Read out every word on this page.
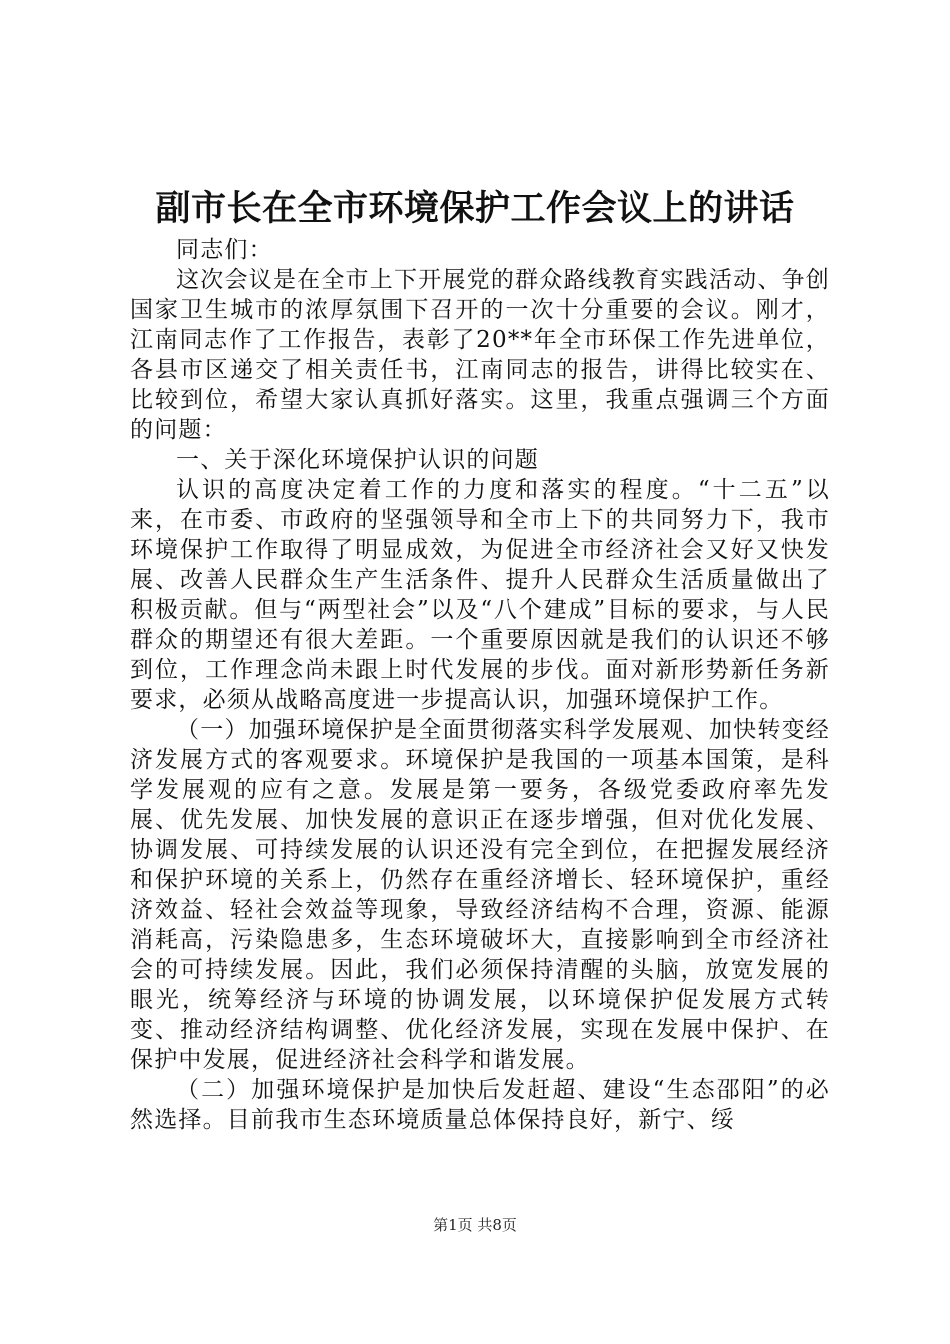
副市长在全市环境保护工作会议上的讲话

同志们：

这次会议是在全市上下开展党的群众路线教育实践活动、争创国家卫生城市的浓厚氛围下召开的一次十分重要的会议。刚才，江南同志作了工作报告，表彰了20**年全市环保工作先进单位，各县市区递交了相关责任书，江南同志的报告，讲得比较实在、比较到位，希望大家认真抓好落实。这里，我重点强调三个方面的问题：

一、关于深化环境保护认识的问题

认识的高度决定着工作的力度和落实的程度。“十二五”以来，在市委、市政府的坚强领导和全市上下的共同努力下，我市环境保护工作取得了明显成效，为促进全市经济社会又好又快发展、改善人民群众生产生活条件、提升人民群众生活质量做出了积极贡献。但与“两型社会”以及“八个建成”目标的要求，与人民群众的期望还有很大差距。一个重要原因就是我们的认识还不够到位，工作理念尚未跟上时代发展的步伐。面对新形势新任务新要求，必须从战略高度进一步提高认识，加强环境保护工作。

（一）加强环境保护是全面贯彻落实科学发展观、加快转变经济发展方式的客观要求。环境保护是我国的一项基本国策，是科学发展观的应有之意。发展是第一要务，各级党委政府率先发展、优先发展、加快发展的意识正在逐步增强，但对优化发展、协调发展、可持续发展的认识还没有完全到位，在把握发展经济和保护环境的关系上，仍然存在重经济增长、轻环境保护，重经济效益、轻社会效益等现象，导致经济结构不合理，资源、能源消耗高，污染隐患多，生态环境破坏大，直接影响到全市经济社会的可持续发展。因此，我们必须保持清醒的头脑，放宽发展的眼光，统筹经济与环境的协调发展，以环境保护促发展方式转变、推动经济结构调整、优化经济发展，实现在发展中保护、在保护中发展，促进经济社会科学和谐发展。

（二）加强环境保护是加快后发赶超、建设“生态邵阳”的必然选择。目前我市生态环境质量总体保持良好，新宁、绥

第1页 共8页
